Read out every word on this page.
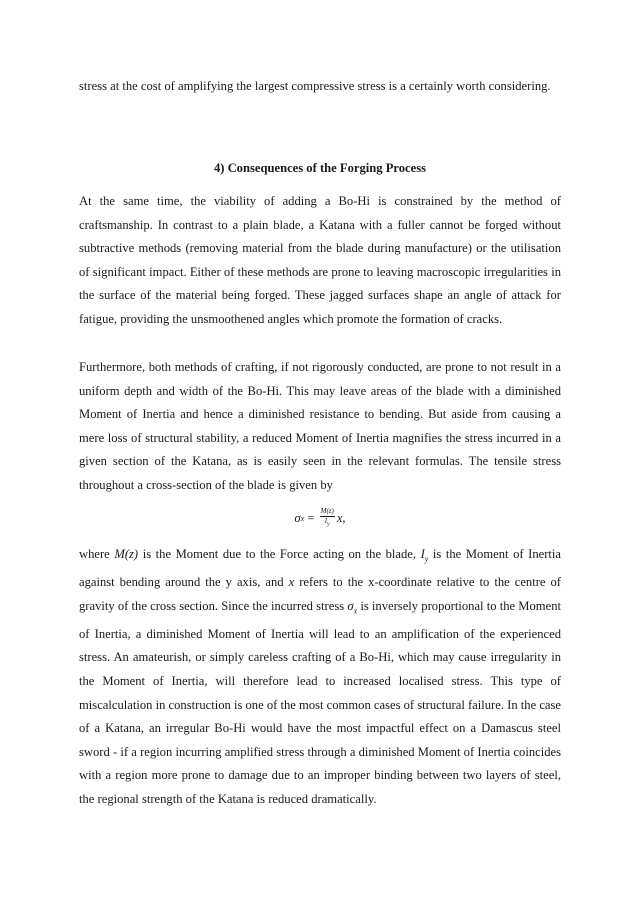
stress at the cost of amplifying the largest compressive stress is a certainly worth considering.

4) Consequences of the Forging Process

At the same time, the viability of adding a Bo-Hi is constrained by the method of craftsmanship. In contrast to a plain blade, a Katana with a fuller cannot be forged without subtractive methods (removing material from the blade during manufacture) or the utilisation of significant impact. Either of these methods are prone to leaving macroscopic irregularities in the surface of the material being forged. These jagged surfaces shape an angle of attack for fatigue, providing the unsmoothened angles which promote the formation of cracks.

Furthermore, both methods of crafting, if not rigorously conducted, are prone to not result in a uniform depth and width of the Bo-Hi. This may leave areas of the blade with a diminished Moment of Inertia and hence a diminished resistance to bending. But aside from causing a mere loss of structural stability, a reduced Moment of Inertia magnifies the stress incurred in a given section of the Katana, as is easily seen in the relevant formulas. The tensile stress throughout a cross-section of the blade is given by

σ $x = \frac{M(z)}{I_y}$ x ,

where M(z) is the Moment due to the Force acting on the blade, $I_y$ is the Moment of Inertia against bending around the y axis, and x refers to the x-coordinate relative to the centre of gravity of the cross section. Since the incurred stress $\sigma_x$ is inversely proportional to the Moment of Inertia, a diminished Moment of Inertia will lead to an amplification of the experienced stress. An amateurish, or simply careless crafting of a Bo-Hi, which may cause irregularity in the Moment of Inertia, will therefore lead to increased localised stress. This type of miscalculation in construction is one of the most common cases of structural failure. In the case of a Katana, an irregular Bo-Hi would have the most impactful effect on a Damascus steel sword - if a region incurring amplified stress through a diminished Moment of Inertia coincides with a region more prone to damage due to an improper binding between two layers of steel, the regional strength of the Katana is reduced dramatically.
